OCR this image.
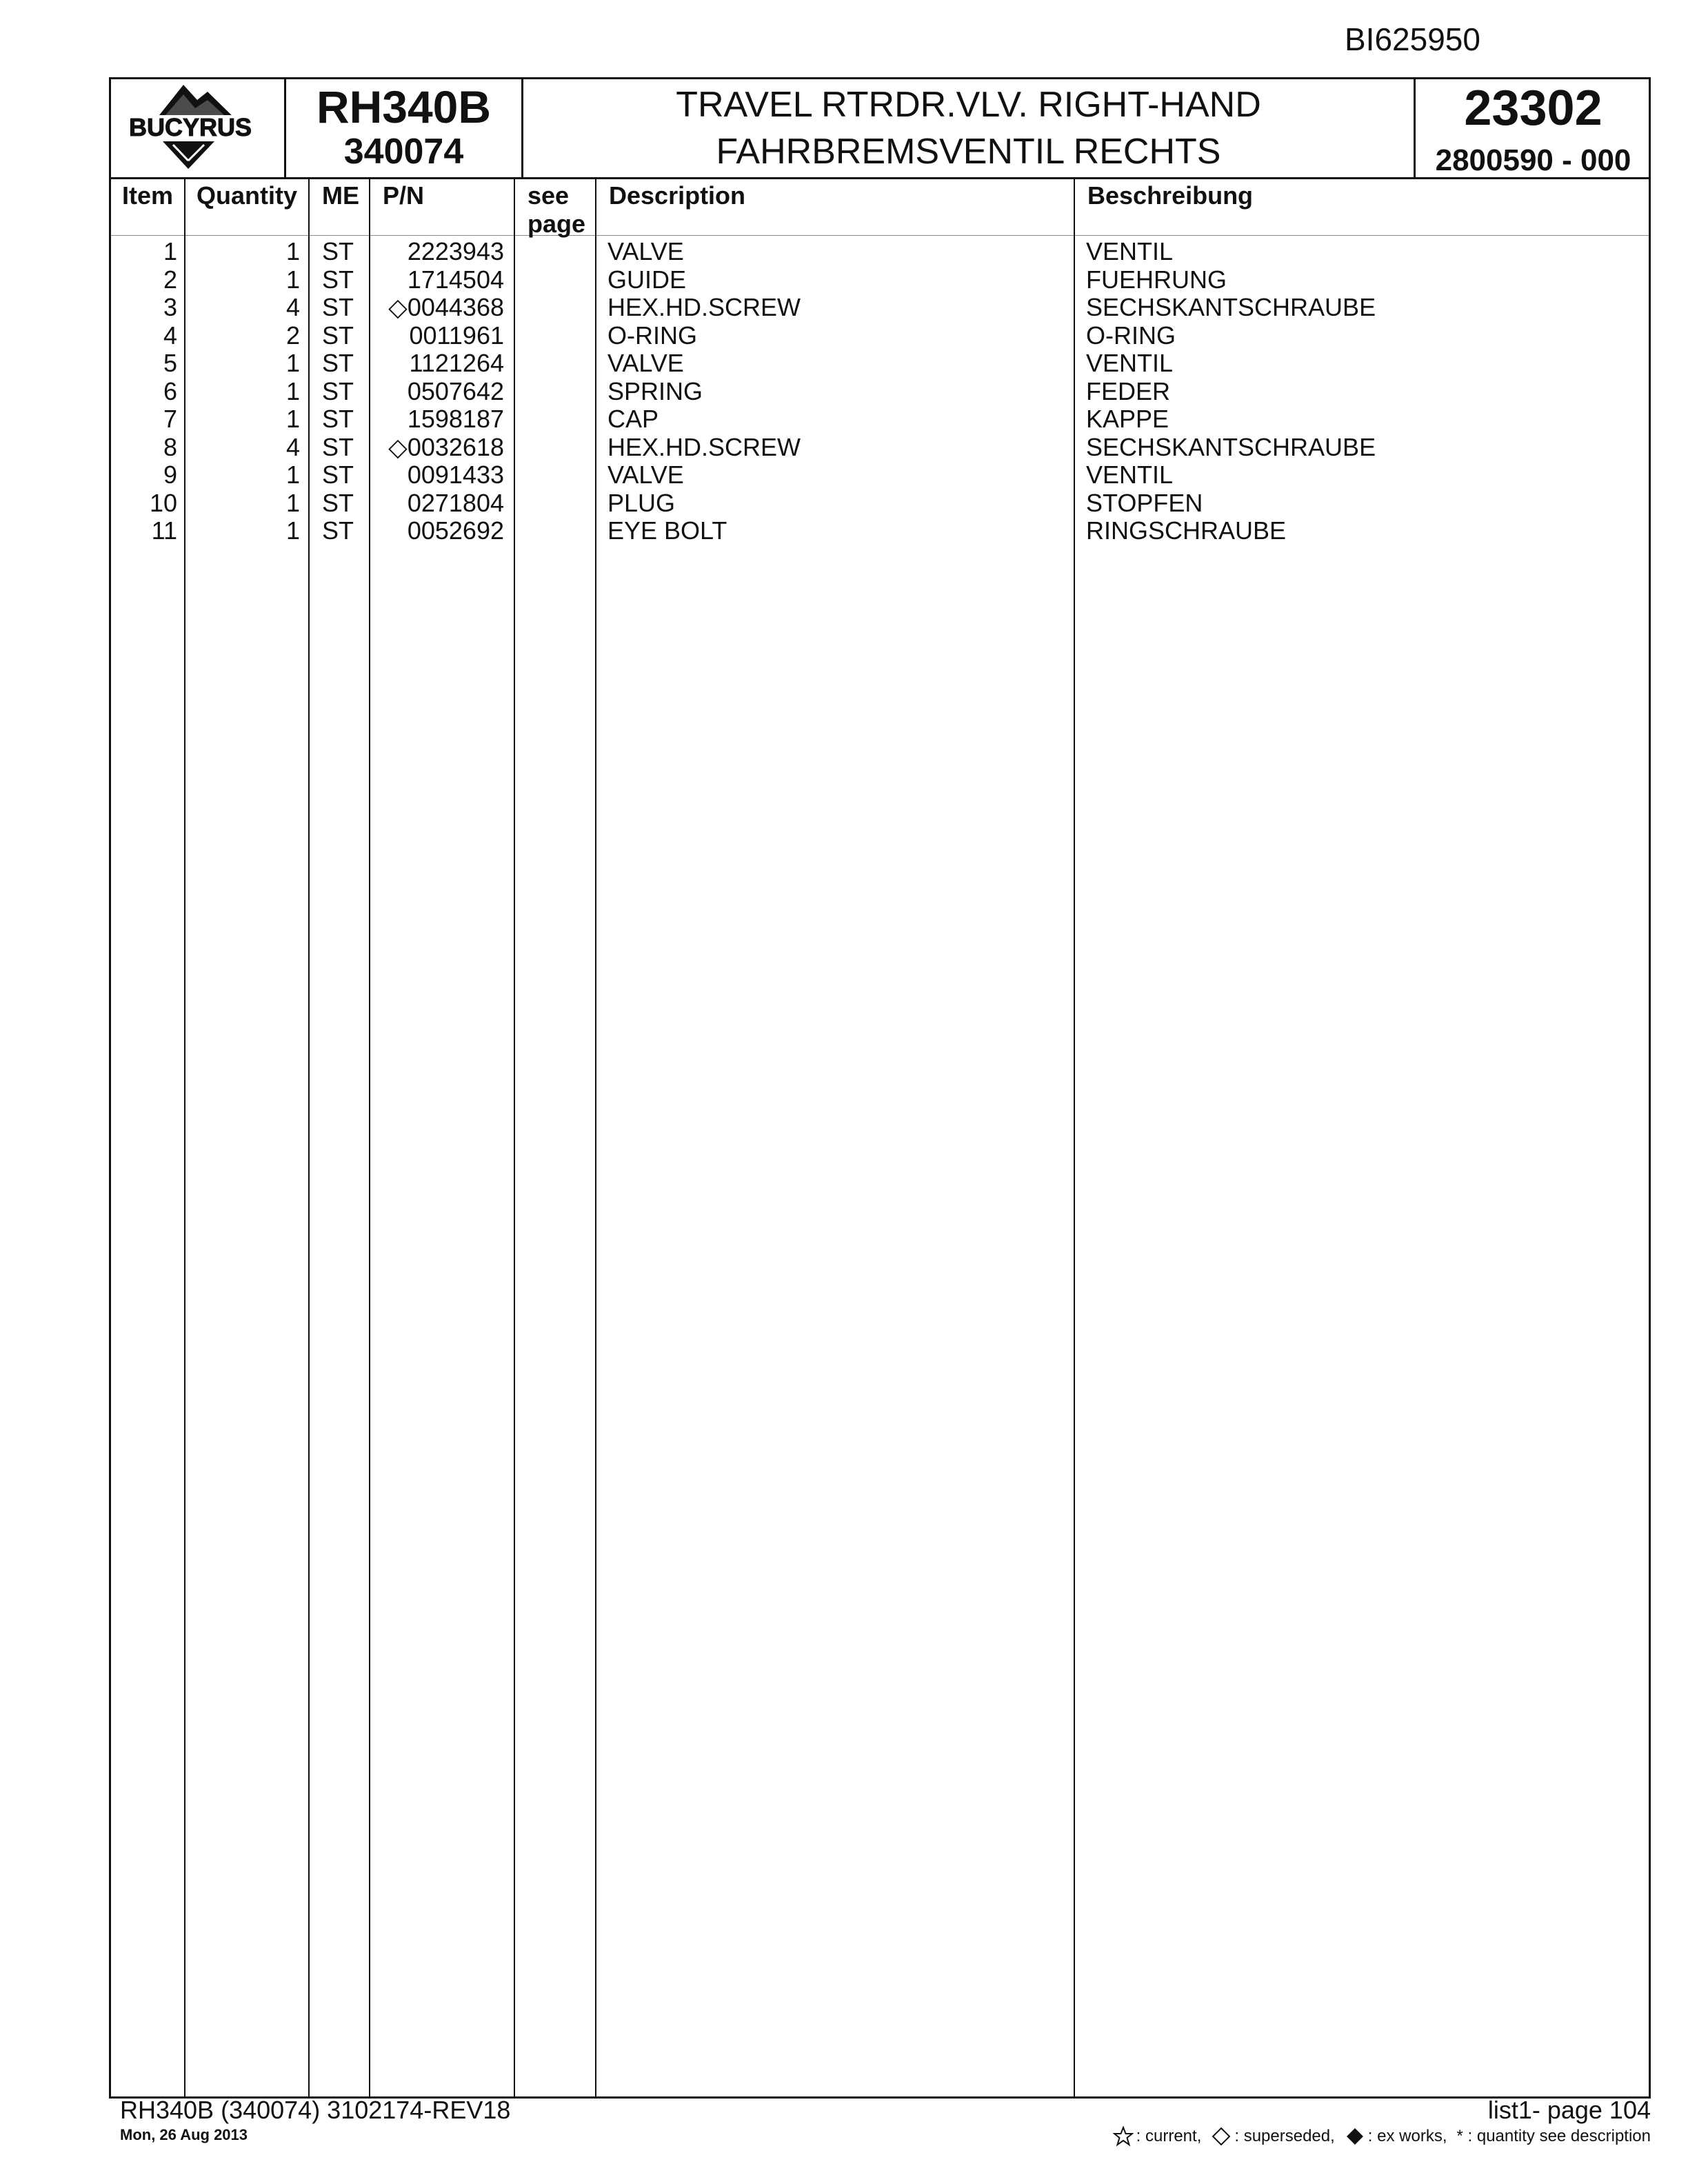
BI625950
BUCYRUS	RH340B
340074
TRAVEL RTRDR.VLV. RIGHT-HAND
FAHRBREMSVENTIL RECHTS
23302
2800590 - 000
Item Quantity ME P/N	see
page
Description	Beschreibung
1	1 ST 2223943	VALVE	VENTIL
2	1 ST 1714504	GUIDE	FUEHRUNG
3	4 ST ◇0044368	HEX.HD.SCREW	SECHSKANTSCHRAUBE
4	2 ST 0011961	O-RING	O-RING
5	1 ST 1121264	VALVE	VENTIL
6	1 ST 0507642	SPRING	FEDER
7	1 ST 1598187	CAP	KAPPE
8	4 ST ◇0032618	HEX.HD.SCREW	SECHSKANTSCHRAUBE
9	1 ST 0091433	VALVE	VENTIL
10	1 ST 0271804	PLUG	STOPFEN
11	1 ST 0052692	EYE BOLT	RINGSCHRAUBE
RH340B (340074) 3102174-REV18
Mon, 26 Aug 2013
list1- page 104
: current, : superseded, : ex works, * : quantity see description
